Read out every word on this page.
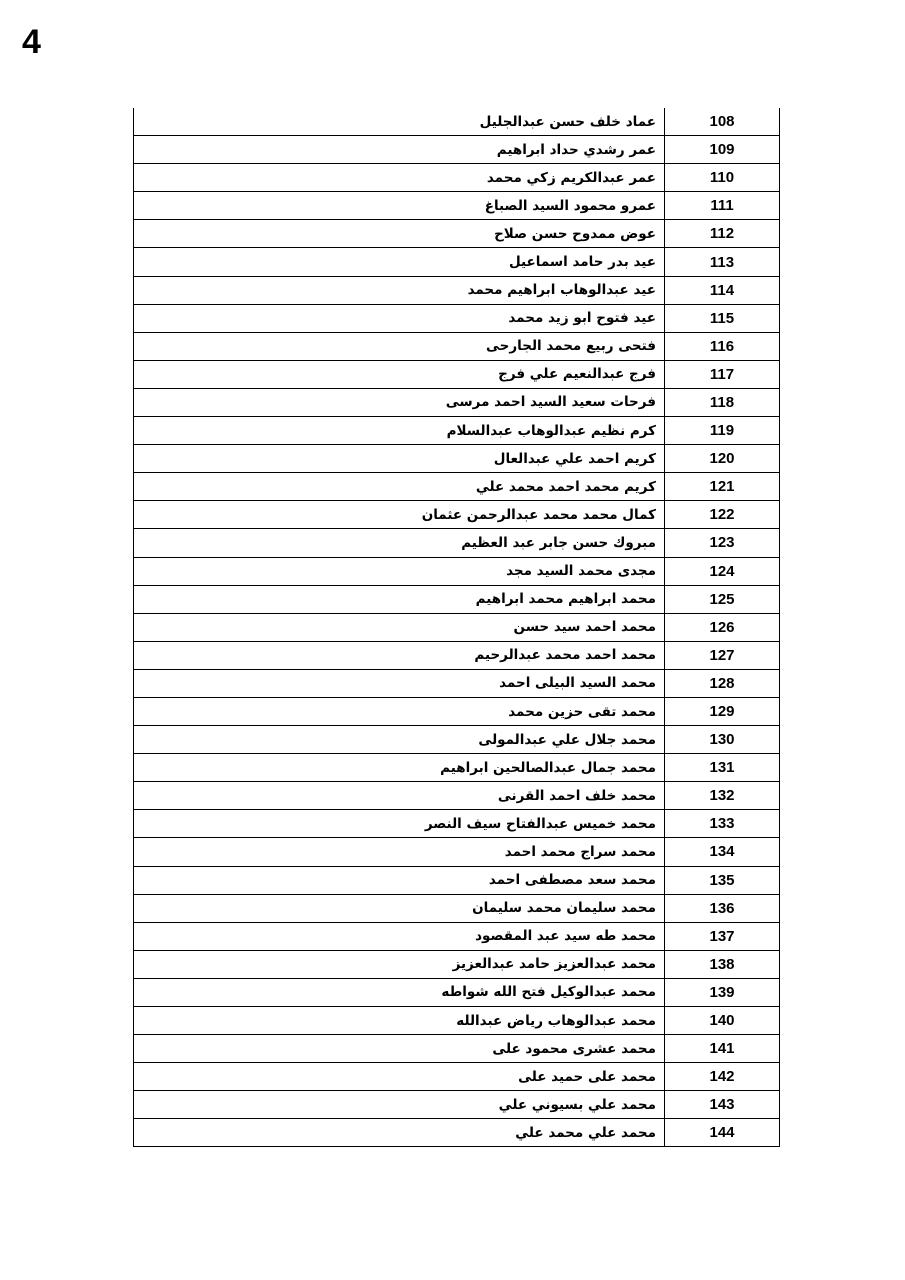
4
عماد خلف حسن عبدالجليل	108
عمر رشدي حداد ابراهيم	109
عمر عبدالكريم زكي محمد	110
عمرو محمود السيد الصباغ	111
عوض ممدوح حسن صلاح	112
عيد بدر حامد اسماعيل	113
عيد عبدالوهاب ابراهيم محمد	114
عيد فتوح ابو زيد محمد	115
فتحى ربيع محمد الجارحى	116
فرج عبدالنعيم علي فرج	117
فرحات سعيد السيد احمد مرسى	118
كرم نظيم عبدالوهاب عبدالسلام	119
كريم احمد علي عبدالعال	120
كريم محمد احمد محمد علي	121
كمال محمد محمد عبدالرحمن عثمان	122
مبروك حسن جابر عبد العظيم	123
مجدى محمد السيد مجد	124
محمد ابراهيم محمد ابراهيم	125
محمد احمد سيد حسن	126
محمد احمد محمد عبدالرحيم	127
محمد السيد البيلى احمد	128
محمد تقى حزين محمد	129
محمد جلال علي عبدالمولى	130
محمد جمال عبدالصالحين ابراهيم	131
محمد خلف احمد القرنى	132
محمد خميس عبدالفتاح سيف النصر	133
محمد سراج محمد احمد	134
محمد سعد مصطفى احمد	135
محمد سليمان محمد سليمان	136
محمد طه سيد عبد المقصود	137
محمد عبدالعزيز حامد عبدالعزيز	138
محمد عبدالوكيل فتح الله شواطه	139
محمد عبدالوهاب رياض عبدالله	140
محمد عشرى محمود على	141
محمد على حميد على	142
محمد علي بسيوني علي	143
محمد علي محمد علي	144
